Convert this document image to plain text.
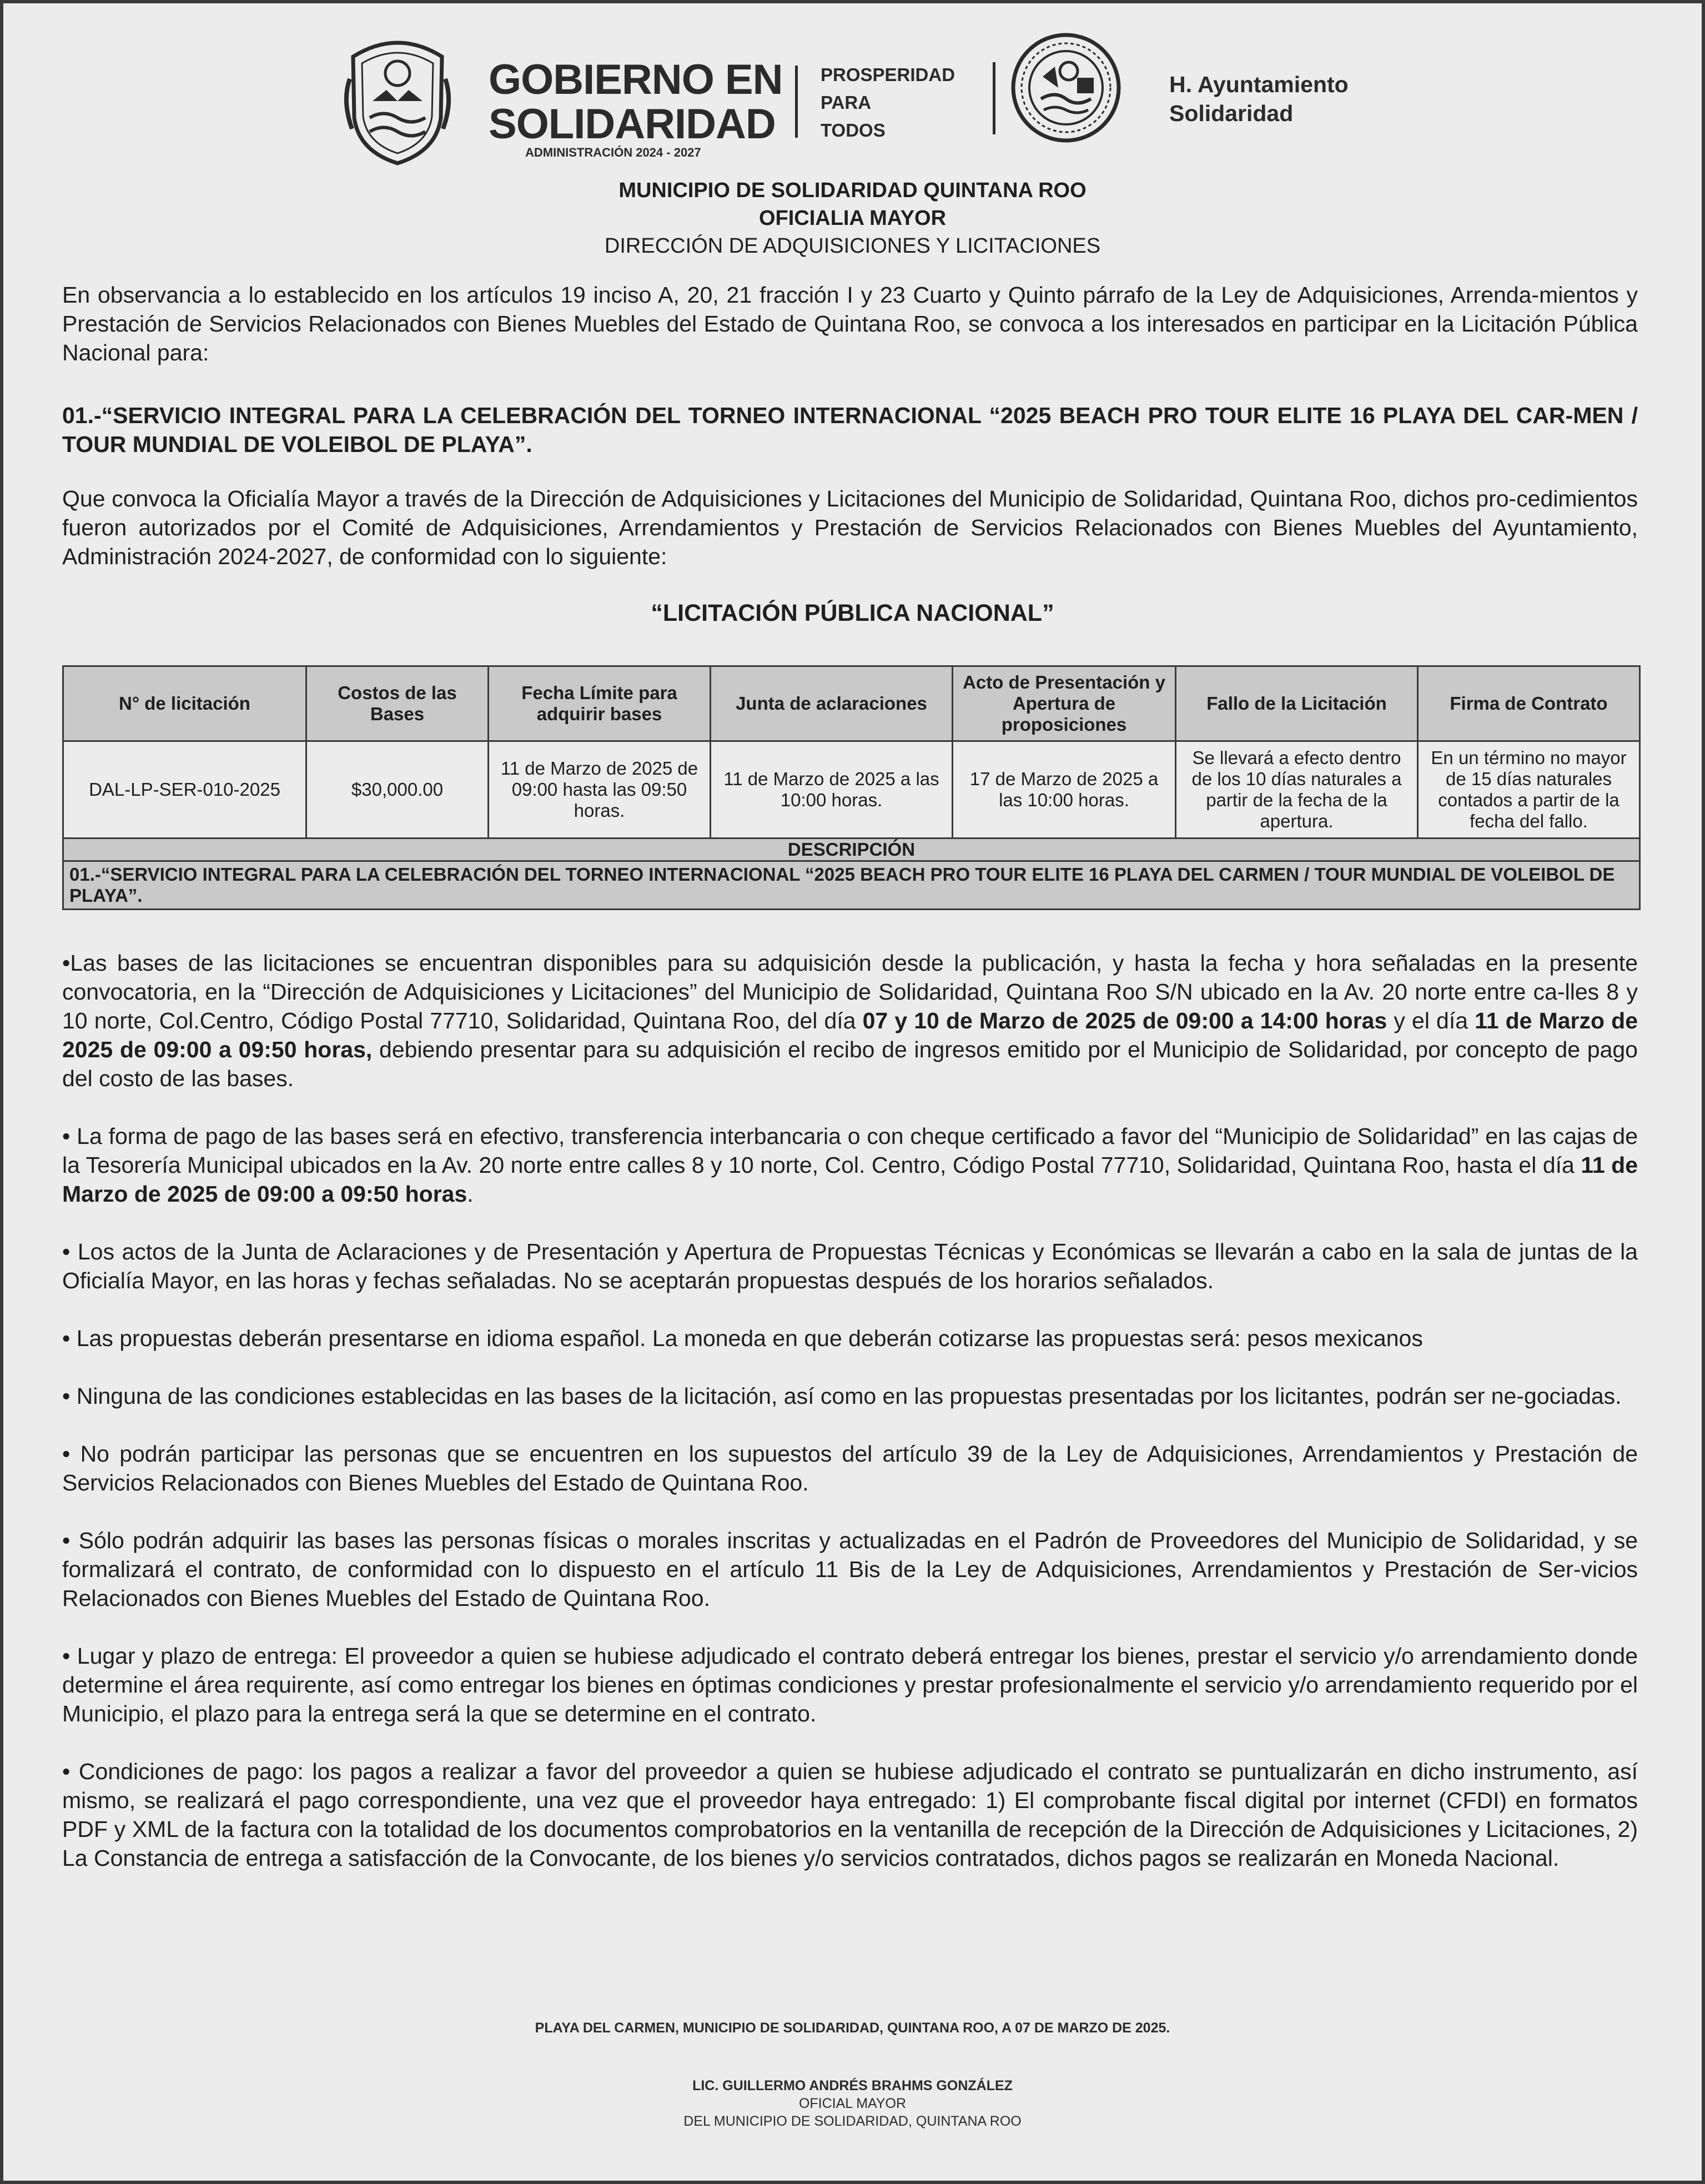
GOBIERNO EN
SOLIDARIDAD
ADMINISTRACIÓN 2024 - 2027
PROSPERIDAD
PARA
TODOS
H. Ayuntamiento
Solidaridad
MUNICIPIO DE SOLIDARIDAD QUINTANA ROO
OFICIALIA MAYOR
DIRECCIÓN DE ADQUISICIONES Y LICITACIONES
En observancia a lo establecido en los artículos 19 inciso A, 20, 21 fracción I y 23 Cuarto y Quinto párrafo de la Ley de Adquisiciones, Arrenda-mientos y Prestación de Servicios Relacionados con Bienes Muebles del Estado de Quintana Roo, se convoca a los interesados en participar en la Licitación Pública Nacional para:
01.-“SERVICIO INTEGRAL PARA LA CELEBRACIÓN DEL TORNEO INTERNACIONAL “2025 BEACH PRO TOUR ELITE 16 PLAYA DEL CAR-MEN / TOUR MUNDIAL DE VOLEIBOL DE PLAYA”.
Que convoca la Oficialía Mayor a través de la Dirección de Adquisiciones y Licitaciones del Municipio de Solidaridad, Quintana Roo, dichos pro-cedimientos fueron autorizados por el Comité de Adquisiciones, Arrendamientos y Prestación de Servicios Relacionados con Bienes Muebles del Ayuntamiento, Administración 2024-2027, de conformidad con lo siguiente:
“LICITACIÓN PÚBLICA NACIONAL”
N° de licitación	Costos de las Bases	Fecha Límite para adquirir bases	Junta de aclaraciones	Acto de Presentación y Apertura de proposiciones	Fallo de la Licitación	Firma de Contrato
DAL-LP-SER-010-2025	$30,000.00	11 de Marzo de 2025 de 09:00 hasta las 09:50 horas.	11 de Marzo de 2025 a las 10:00 horas.	17 de Marzo de 2025 a las 10:00 horas.	Se llevará a efecto dentro de los 10 días naturales a partir de la fecha de la apertura.	En un término no mayor de 15 días naturales contados a partir de la fecha del fallo.
DESCRIPCIÓN						
01.-“SERVICIO INTEGRAL PARA LA CELEBRACIÓN DEL TORNEO INTERNACIONAL “2025 BEACH PRO TOUR ELITE 16 PLAYA DEL CARMEN / TOUR MUNDIAL DE VOLEIBOL DE PLAYA”.						

•Las bases de las licitaciones se encuentran disponibles para su adquisición desde la publicación, y hasta la fecha y hora señaladas en la presente convocatoria, en la “Dirección de Adquisiciones y Licitaciones” del Municipio de Solidaridad, Quintana Roo S/N ubicado en la Av. 20 norte entre ca-lles 8 y 10 norte, Col.Centro, Código Postal 77710, Solidaridad, Quintana Roo, del día 07 y 10 de Marzo de 2025 de 09:00 a 14:00 horas y el día 11 de Marzo de 2025 de 09:00 a 09:50 horas, debiendo presentar para su adquisición el recibo de ingresos emitido por el Municipio de Solidaridad, por concepto de pago del costo de las bases.

• La forma de pago de las bases será en efectivo, transferencia interbancaria o con cheque certificado a favor del “Municipio de Solidaridad” en las cajas de la Tesorería Municipal ubicados en la Av. 20 norte entre calles 8 y 10 norte, Col. Centro, Código Postal 77710, Solidaridad, Quintana Roo, hasta el día 11 de Marzo de 2025 de 09:00 a 09:50 horas.

• Los actos de la Junta de Aclaraciones y de Presentación y Apertura de Propuestas Técnicas y Económicas se llevarán a cabo en la sala de juntas de la Oficialía Mayor, en las horas y fechas señaladas. No se aceptarán propuestas después de los horarios señalados.

• Las propuestas deberán presentarse en idioma español. La moneda en que deberán cotizarse las propuestas será: pesos mexicanos

• Ninguna de las condiciones establecidas en las bases de la licitación, así como en las propuestas presentadas por los licitantes, podrán ser ne-gociadas.

• No podrán participar las personas que se encuentren en los supuestos del artículo 39 de la Ley de Adquisiciones, Arrendamientos y Prestación de Servicios Relacionados con Bienes Muebles del Estado de Quintana Roo.

• Sólo podrán adquirir las bases las personas físicas o morales inscritas y actualizadas en el Padrón de Proveedores del Municipio de Solidaridad, y se formalizará el contrato, de conformidad con lo dispuesto en el artículo 11 Bis de la Ley de Adquisiciones, Arrendamientos y Prestación de Ser-vicios Relacionados con Bienes Muebles del Estado de Quintana Roo.

• Lugar y plazo de entrega: El proveedor a quien se hubiese adjudicado el contrato deberá entregar los bienes, prestar el servicio y/o arrendamiento donde determine el área requirente, así como entregar los bienes en óptimas condiciones y prestar profesionalmente el servicio y/o arrendamiento requerido por el Municipio, el plazo para la entrega será la que se determine en el contrato.

• Condiciones de pago: los pagos a realizar a favor del proveedor a quien se hubiese adjudicado el contrato se puntualizarán en dicho instrumento, así mismo, se realizará el pago correspondiente, una vez que el proveedor haya entregado: 1) El comprobante fiscal digital por internet (CFDI) en formatos PDF y XML de la factura con la totalidad de los documentos comprobatorios en la ventanilla de recepción de la Dirección de Adquisiciones y Licitaciones, 2) La Constancia de entrega a satisfacción de la Convocante, de los bienes y/o servicios contratados, dichos pagos se realizarán en Moneda Nacional.

PLAYA DEL CARMEN, MUNICIPIO DE SOLIDARIDAD, QUINTANA ROO, A 07 DE MARZO DE 2025.
LIC. GUILLERMO ANDRÉS BRAHMS GONZÁLEZ
OFICIAL MAYOR
DEL MUNICIPIO DE SOLIDARIDAD, QUINTANA ROO
